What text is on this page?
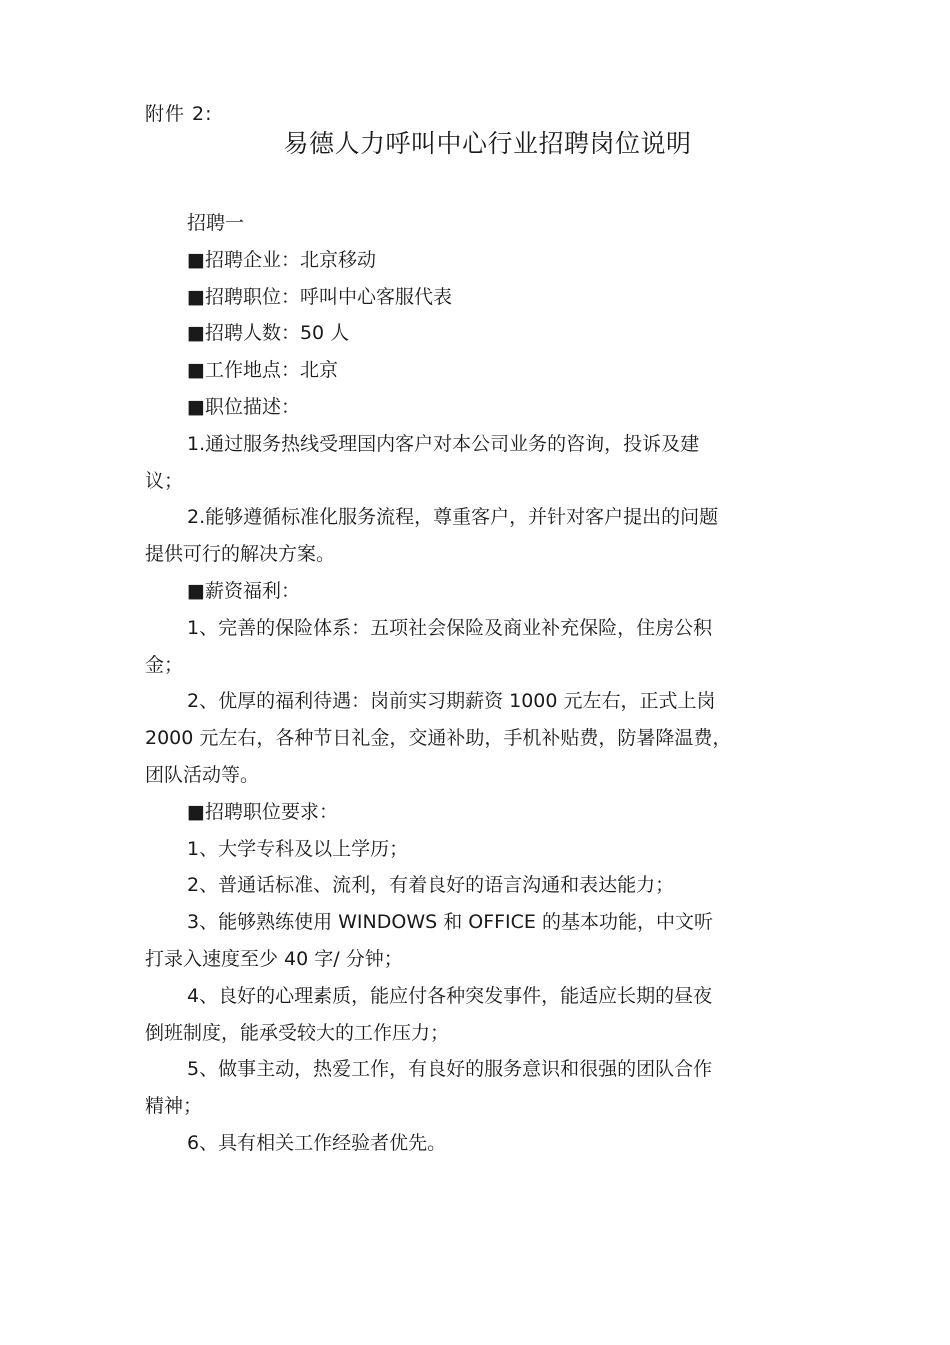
附件 2:
易德人力呼叫中心行业招聘岗位说明

招聘一

■招聘企业：北京移动

■招聘职位：呼叫中心客服代表

■招聘人数：50 人

■工作地点：北京

■职位描述：

1.通过服务热线受理国内客户对本公司业务的咨询，投诉及建

议；

2.能够遵循标准化服务流程，尊重客户，并针对客户提出的问题

提供可行的解决方案。

■薪资福利：

1、完善的保险体系：五项社会保险及商业补充保险，住房公积

金；

2、优厚的福利待遇：岗前实习期薪资 1000 元左右，正式上岗

2000 元左右，各种节日礼金，交通补助，手机补贴费，防暑降温费，

团队活动等。

■招聘职位要求：

1、大学专科及以上学历；

2、普通话标准、流利，有着良好的语言沟通和表达能力；

3、能够熟练使用 WINDOWS 和 OFFICE 的基本功能，中文听

打录入速度至少 40 字/ 分钟；

4、良好的心理素质，能应付各种突发事件，能适应长期的昼夜

倒班制度，能承受较大的工作压力；

5、做事主动，热爱工作，有良好的服务意识和很强的团队合作

精神；

6、具有相关工作经验者优先。
